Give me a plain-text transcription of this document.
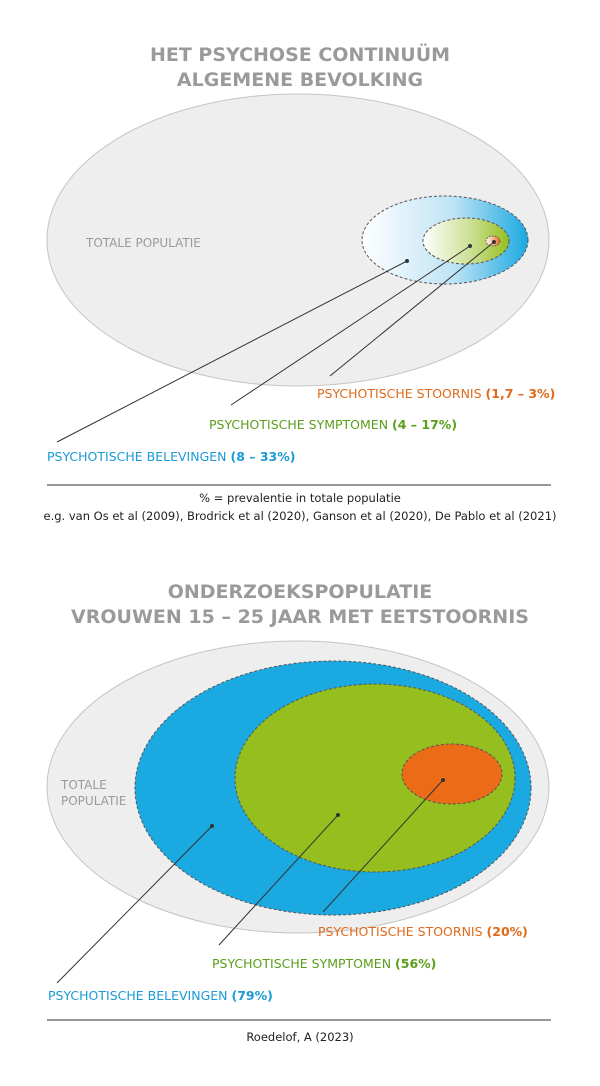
HET PSYCHOSE CONTINUÜM
ALGEMENE BEVOLKING
TOTALE POPULATIE
PSYCHOTISCHE STOORNIS (1,7 – 3%)
PSYCHOTISCHE SYMPTOMEN (4 – 17%)
PSYCHOTISCHE BELEVINGEN (8 – 33%)
% = prevalentie in totale populatie
e.g. van Os et al (2009), Brodrick et al (2020), Ganson et al (2020), De Pablo et al (2021)
ONDERZOEKSPOPULATIE
VROUWEN 15 – 25 JAAR MET EETSTOORNIS
TOTALE
POPULATIE
PSYCHOTISCHE STOORNIS (20%)
PSYCHOTISCHE SYMPTOMEN (56%)
PSYCHOTISCHE BELEVINGEN (79%)
Roedelof, A (2023)
